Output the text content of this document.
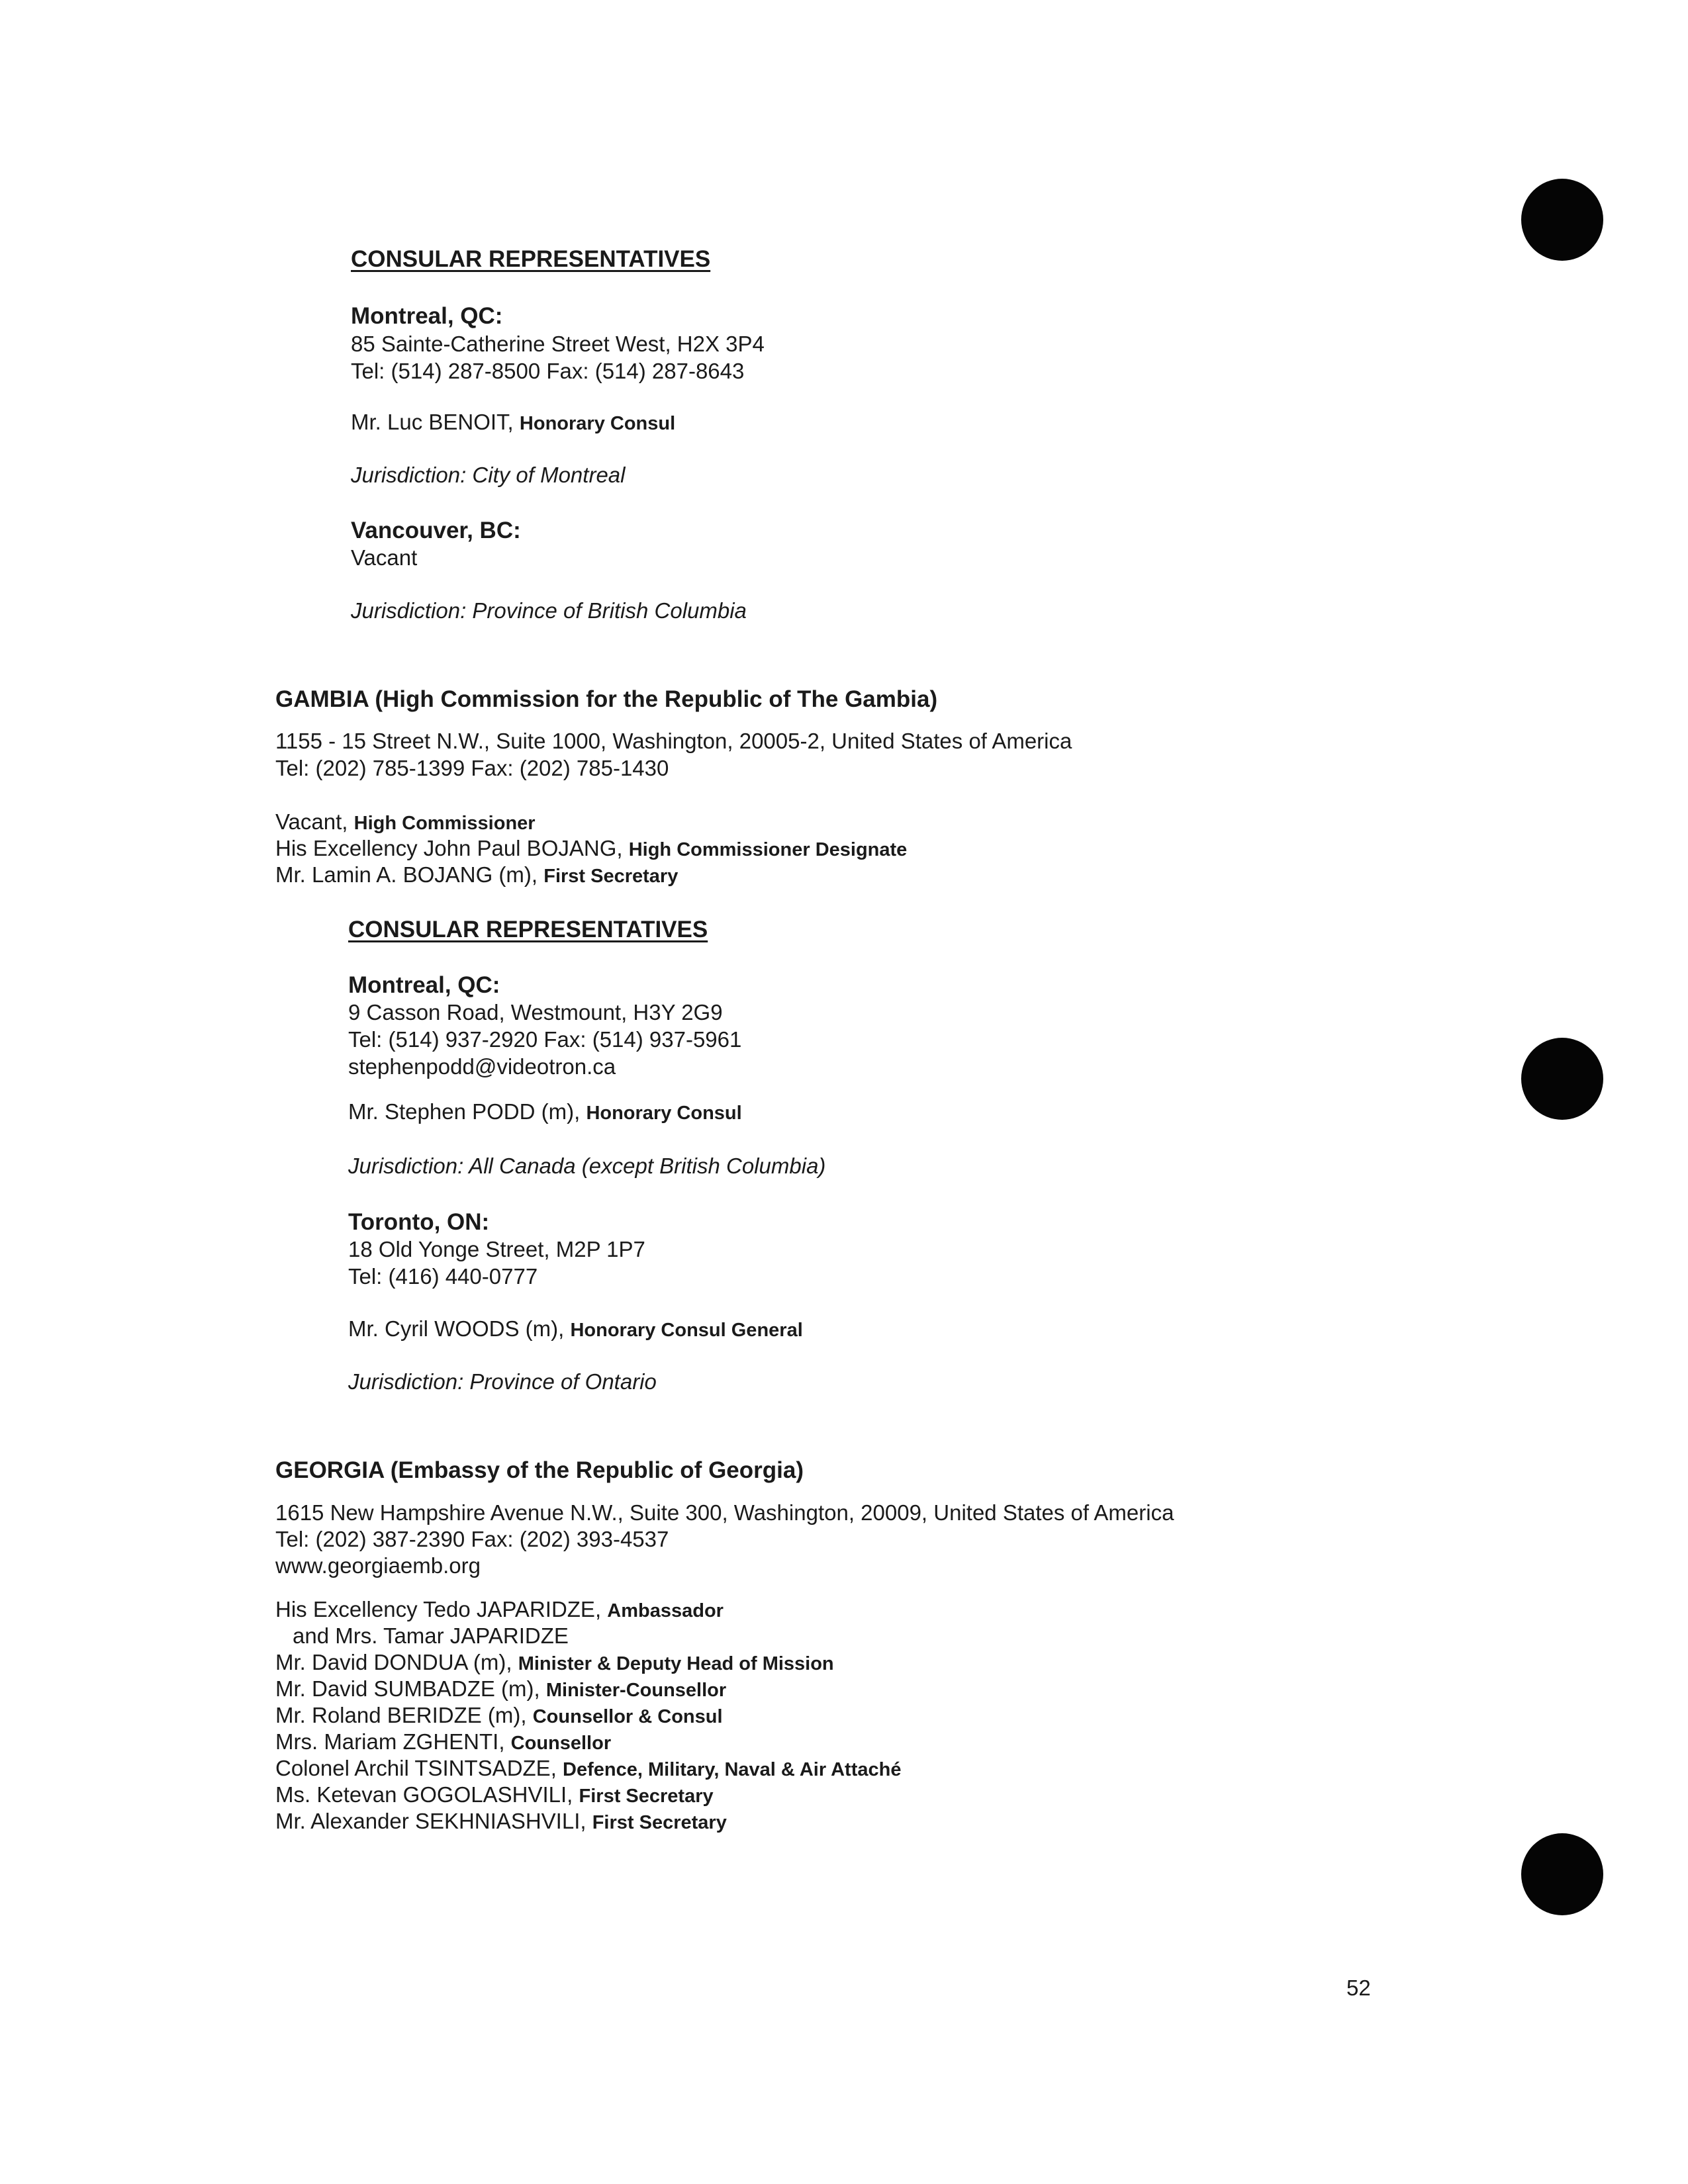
CONSULAR REPRESENTATIVES
Montreal, QC:
85 Sainte-Catherine Street West, H2X 3P4
Tel: (514) 287-8500 Fax: (514) 287-8643
Mr. Luc BENOIT, Honorary Consul
Jurisdiction: City of Montreal
Vancouver, BC:
Vacant
Jurisdiction: Province of British Columbia
GAMBIA (High Commission for the Republic of The Gambia)
1155 - 15 Street N.W., Suite 1000, Washington, 20005-2, United States of America
Tel: (202) 785-1399 Fax: (202) 785-1430
Vacant, High Commissioner
His Excellency John Paul BOJANG, High Commissioner Designate
Mr. Lamin A. BOJANG (m), First Secretary
CONSULAR REPRESENTATIVES
Montreal, QC:
9 Casson Road, Westmount, H3Y 2G9
Tel: (514) 937-2920 Fax: (514) 937-5961
stephenpodd@videotron.ca
Mr. Stephen PODD (m), Honorary Consul
Jurisdiction: All Canada (except British Columbia)
Toronto, ON:
18 Old Yonge Street, M2P 1P7
Tel: (416) 440-0777
Mr. Cyril WOODS (m), Honorary Consul General
Jurisdiction: Province of Ontario
GEORGIA (Embassy of the Republic of Georgia)
1615 New Hampshire Avenue N.W., Suite 300, Washington, 20009, United States of America
Tel: (202) 387-2390 Fax: (202) 393-4537
www.georgiaemb.org
His Excellency Tedo JAPARIDZE, Ambassador
and Mrs. Tamar JAPARIDZE
Mr. David DONDUA (m), Minister & Deputy Head of Mission
Mr. David SUMBADZE (m), Minister-Counsellor
Mr. Roland BERIDZE (m), Counsellor & Consul
Mrs. Mariam ZGHENTI, Counsellor
Colonel Archil TSINTSADZE, Defence, Military, Naval & Air Attaché
Ms. Ketevan GOGOLASHVILI, First Secretary
Mr. Alexander SEKHNIASHVILI, First Secretary
52
